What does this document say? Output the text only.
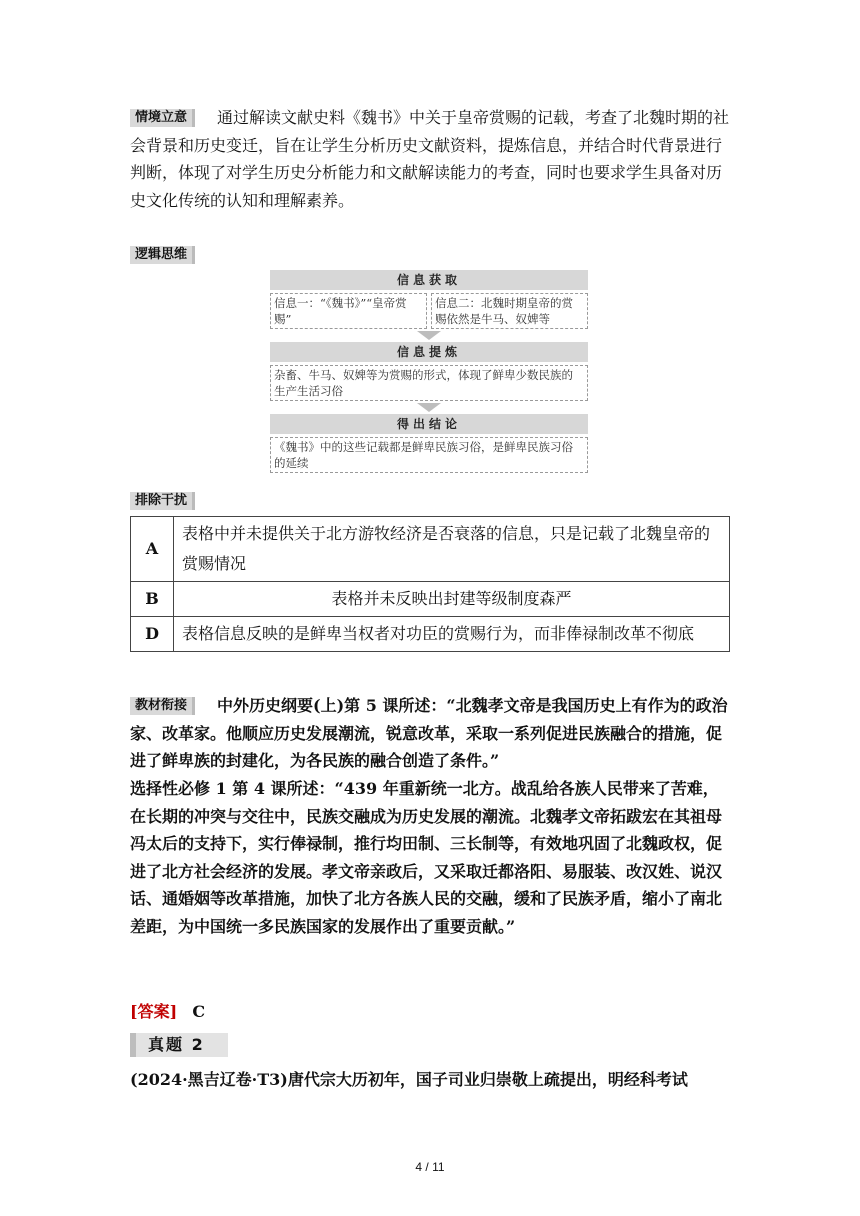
情境立意 通过解读文献史料《魏书》中关于皇帝赏赐的记载，考查了北魏时期的社会背景和历史变迁，旨在让学生分析历史文献资料，提炼信息，并结合时代背景进行判断，体现了对学生历史分析能力和文献解读能力的考查，同时也要求学生具备对历史文化传统的认知和理解素养。
逻辑思维
信息获取
信息一：“《魏书》”“皇帝赏赐”
信息二：北魏时期皇帝的赏赐依然是牛马、奴婢等
信息提炼
杂畜、牛马、奴婢等为赏赐的形式，体现了鲜卑少数民族的生产生活习俗
得出结论
《魏书》中的这些记载都是鲜卑民族习俗，是鲜卑民族习俗的延续
排除干扰
A	表格中并未提供关于北方游牧经济是否衰落的信息，只是记载了北魏皇帝的赏赐情况
B	表格并未反映出封建等级制度森严
D	表格信息反映的是鲜卑当权者对功臣的赏赐行为，而非俸禄制改革不彻底
教材衔接 中外历史纲要(上)第 5 课所述：“北魏孝文帝是我国历史上有作为的政治家、改革家。他顺应历史发展潮流，锐意改革，采取一系列促进民族融合的措施，促进了鲜卑族的封建化，为各民族的融合创造了条件。”
选择性必修 1 第 4 课所述：“439 年重新统一北方。战乱给各族人民带来了苦难，在长期的冲突与交往中，民族交融成为历史发展的潮流。北魏孝文帝拓跋宏在其祖母冯太后的支持下，实行俸禄制，推行均田制、三长制等，有效地巩固了北魏政权，促进了北方社会经济的发展。孝文帝亲政后，又采取迁都洛阳、易服装、改汉姓、说汉话、通婚姻等改革措施，加快了北方各族人民的交融，缓和了民族矛盾，缩小了南北差距，为中国统一多民族国家的发展作出了重要贡献。”
[答案] C
真题 2
(2024·黑吉辽卷·T3)唐代宗大历初年，国子司业归崇敬上疏提出，明经科考试
4 / 11
